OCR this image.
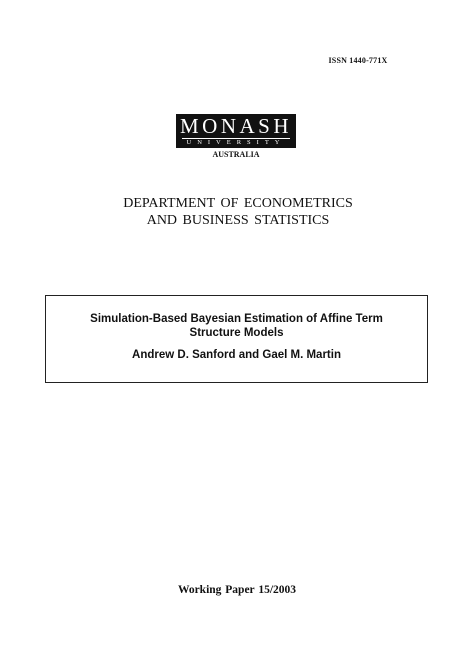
ISSN 1440-771X
MONASH
UNIVERSITY
AUSTRALIA
DEPARTMENT OF ECONOMETRICS
AND BUSINESS STATISTICS
Simulation-Based Bayesian Estimation of Affine Term
Structure Models
Andrew D. Sanford and Gael M. Martin
Working Paper 15/2003
